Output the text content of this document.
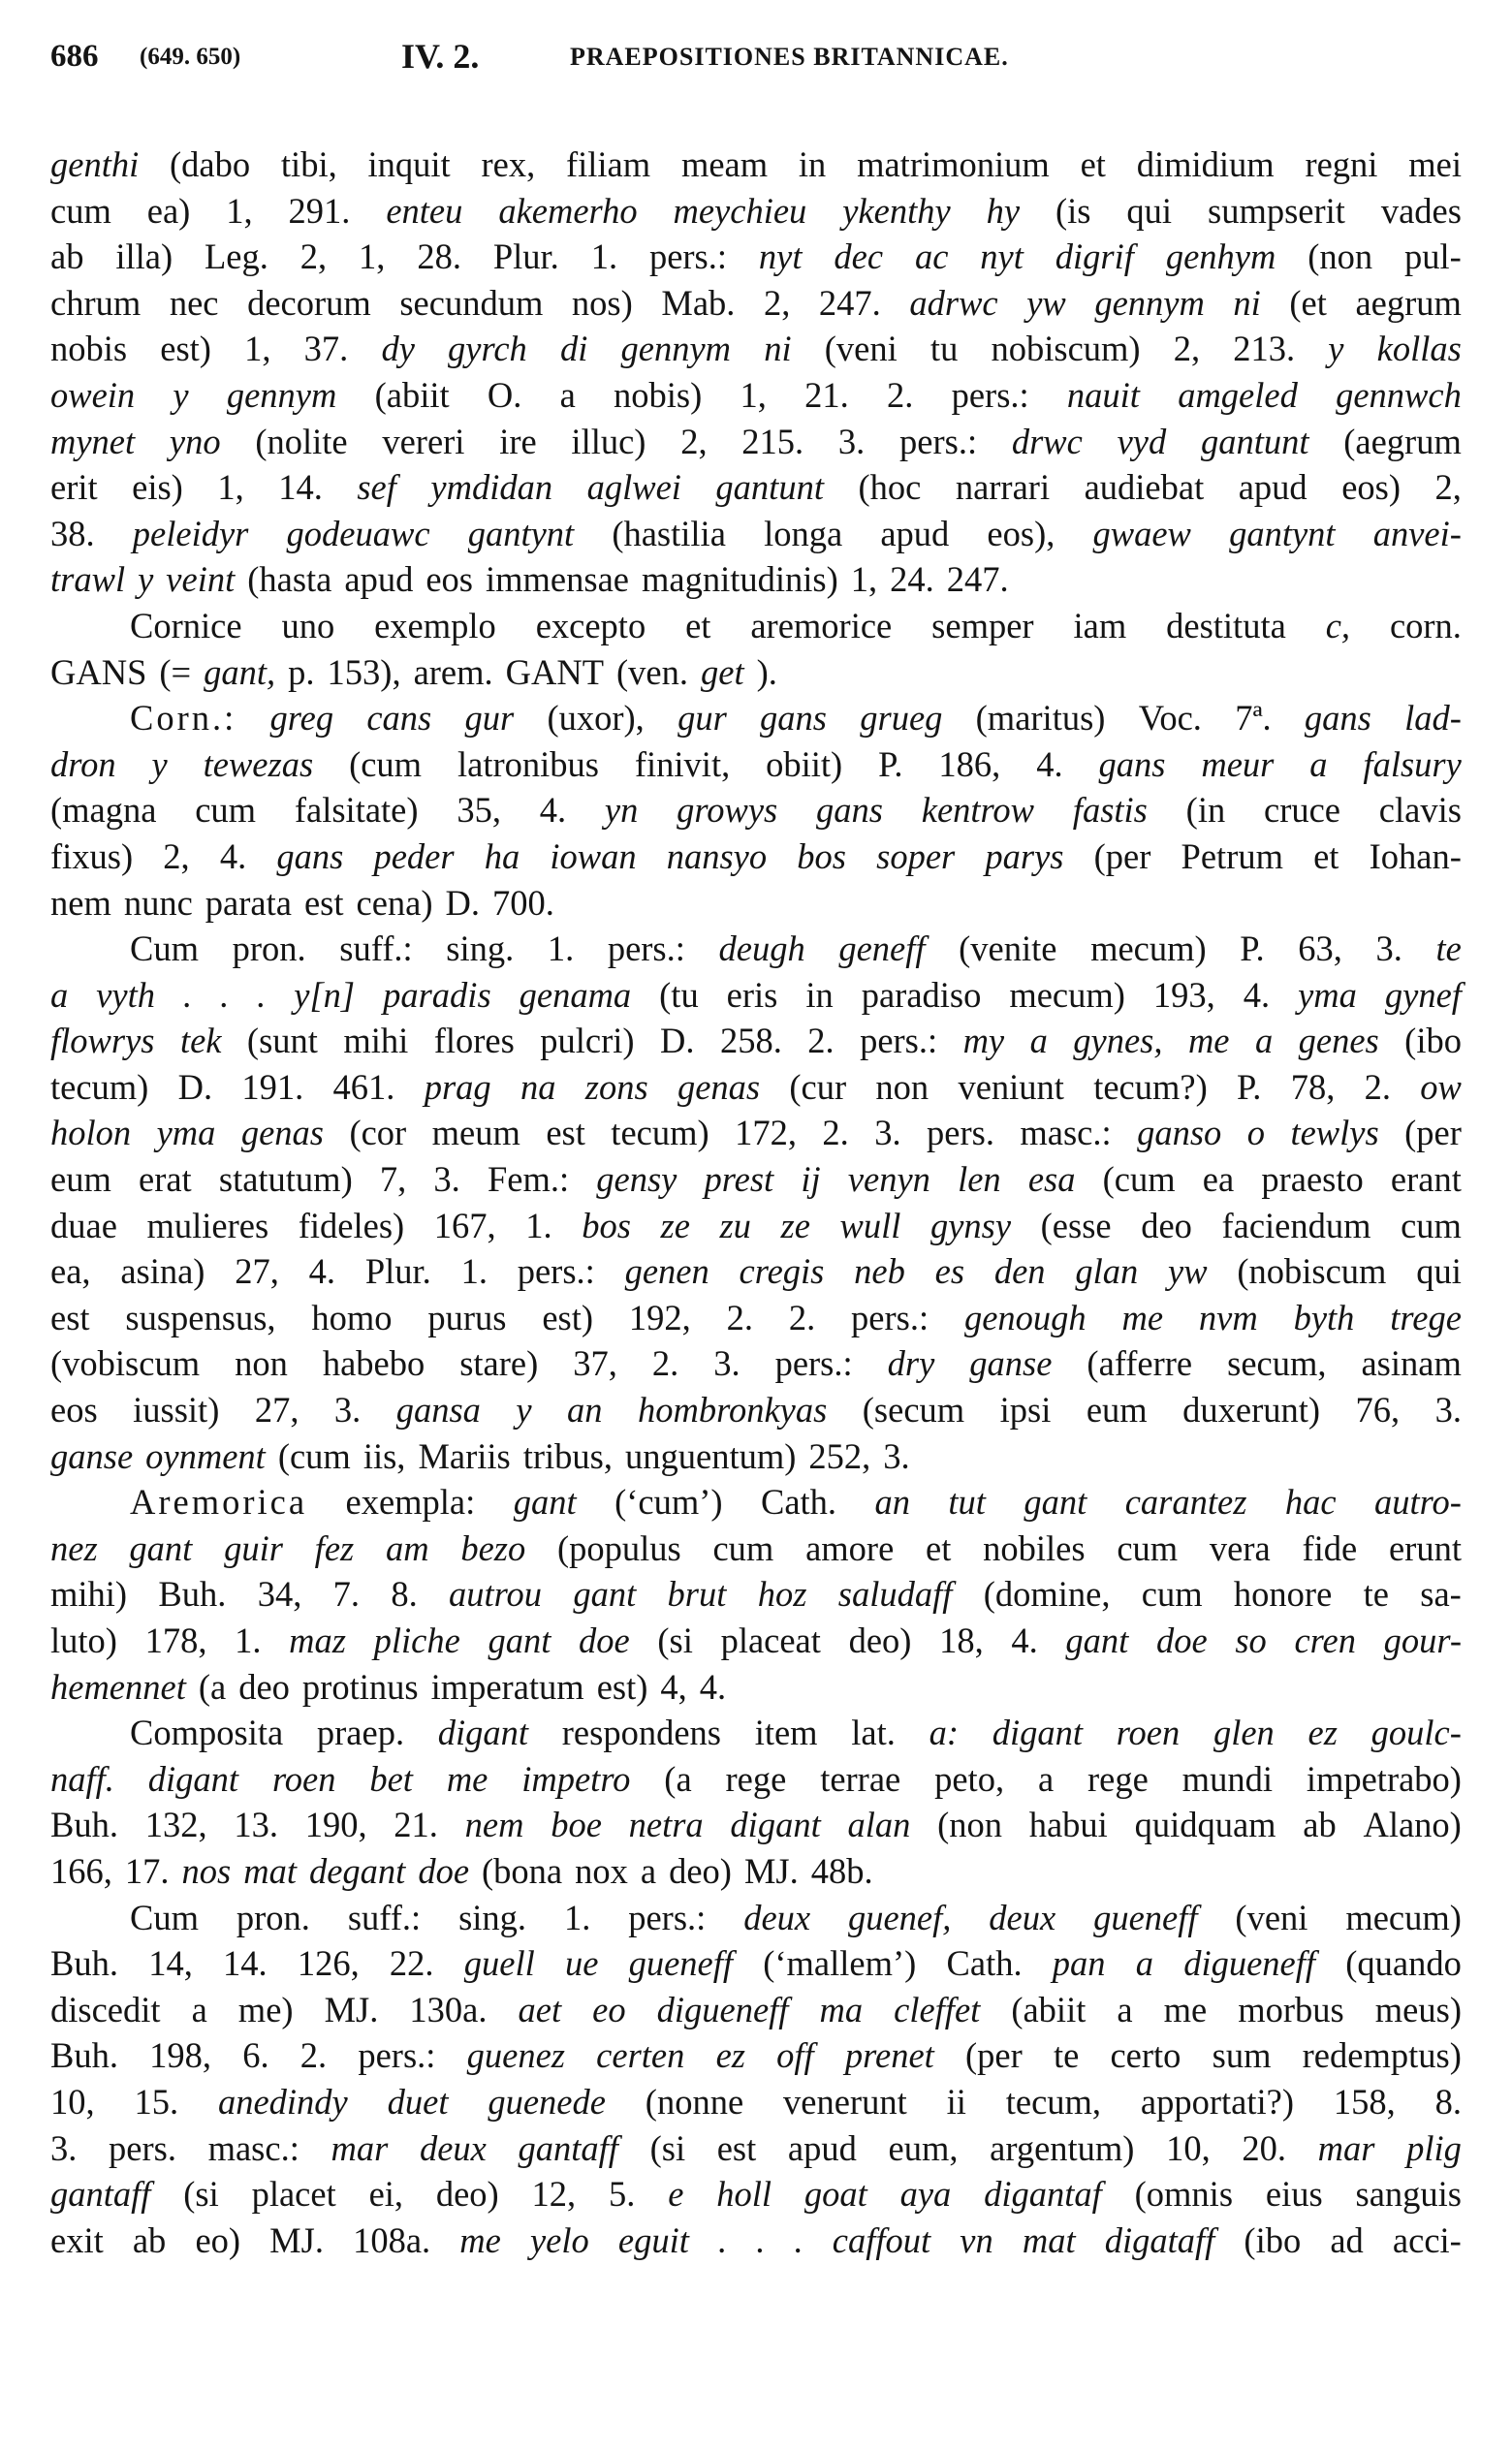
686 (649. 650)	IV. 2.	PRAEPOSITIONES BRITANNICAE.
genthi (dabo tibi, inquit rex, filiam meam in matrimonium et dimidium regni mei
cum ea) 1, 291. enteu akemerho meychieu ykenthy hy (is qui sumpserit vades
ab illa) Leg. 2, 1, 28. Plur. 1. pers.: nyt dec ac nyt digrif genhym (non pul-
chrum nec decorum secundum nos) Mab. 2, 247. adrwc yw gennym ni (et aegrum
nobis est) 1, 37. dy gyrch di gennym ni (veni tu nobiscum) 2, 213. y kollas
owein y gennym (abiit O. a nobis) 1, 21. 2. pers.: nauit amgeled gennwch
mynet yno (nolite vereri ire illuc) 2, 215. 3. pers.: drwc vyd gantunt (aegrum
erit eis) 1, 14. sef ymdidan aglwei gantunt (hoc narrari audiebat apud eos) 2,
38. peleidyr godeuawc gantynt (hastilia longa apud eos), gwaew gantynt anvei-
trawl y veint (hasta apud eos immensae magnitudinis) 1, 24. 247.
Cornice uno exemplo excepto et aremorice semper iam destituta c, corn.
GANS (= gant, p. 153), arem. GANT (ven. get ).
Corn.: greg cans gur (uxor), gur gans grueg (maritus) Voc. 7ª. gans lad-
dron y tewezas (cum latronibus finivit, obiit) P. 186, 4. gans meur a falsury
(magna cum falsitate) 35, 4. yn growys gans kentrow fastis (in cruce clavis
fixus) 2, 4. gans peder ha iowan nansyo bos soper parys (per Petrum et Iohan-
nem nunc parata est cena) D. 700.
Cum pron. suff.: sing. 1. pers.: deugh geneff (venite mecum) P. 63, 3. te
a vyth . . . y[n] paradis genama (tu eris in paradiso mecum) 193, 4. yma gynef
flowrys tek (sunt mihi flores pulcri) D. 258. 2. pers.: my a gynes, me a genes (ibo
tecum) D. 191. 461. prag na zons genas (cur non veniunt tecum?) P. 78, 2. ow
holon yma genas (cor meum est tecum) 172, 2. 3. pers. masc.: ganso o tewlys (per
eum erat statutum) 7, 3. Fem.: gensy prest ij venyn len esa (cum ea praesto erant
duae mulieres fideles) 167, 1. bos ze zu ze wull gynsy (esse deo faciendum cum
ea, asina) 27, 4. Plur. 1. pers.: genen cregis neb es den glan yw (nobiscum qui
est suspensus, homo purus est) 192, 2. 2. pers.: genough me nvm byth trege
(vobiscum non habebo stare) 37, 2. 3. pers.: dry ganse (afferre secum, asinam
eos iussit) 27, 3. gansa y an hombronkyas (secum ipsi eum duxerunt) 76, 3.
ganse oynment (cum iis, Mariis tribus, unguentum) 252, 3.
Aremorica exempla: gant (‘cum’) Cath. an tut gant carantez hac autro-
nez gant guir fez am bezo (populus cum amore et nobiles cum vera fide erunt
mihi) Buh. 34, 7. 8. autrou gant brut hoz saludaff (domine, cum honore te sa-
luto) 178, 1. maz pliche gant doe (si placeat deo) 18, 4. gant doe so cren gour-
hemennet (a deo protinus imperatum est) 4, 4.
Composita praep. digant respondens item lat. a: digant roen glen ez goulc-
naff. digant roen bet me impetro (a rege terrae peto, a rege mundi impetrabo)
Buh. 132, 13. 190, 21. nem boe netra digant alan (non habui quidquam ab Alano)
166, 17. nos mat degant doe (bona nox a deo) MJ. 48b.
Cum pron. suff.: sing. 1. pers.: deux guenef, deux gueneff (veni mecum)
Buh. 14, 14. 126, 22. guell ue gueneff (‘mallem’) Cath. pan a digueneff (quando
discedit a me) MJ. 130a. aet eo digueneff ma cleffet (abiit a me morbus meus)
Buh. 198, 6. 2. pers.: guenez certen ez off prenet (per te certo sum redemptus)
10, 15. anedindy duet guenede (nonne venerunt ii tecum, apportati?) 158, 8.
3. pers. masc.: mar deux gantaff (si est apud eum, argentum) 10, 20. mar plig
gantaff (si placet ei, deo) 12, 5. e holl goat aya digantaf (omnis eius sanguis
exit ab eo) MJ. 108a. me yelo eguit . . . caffout vn mat digataff (ibo ad acci-
